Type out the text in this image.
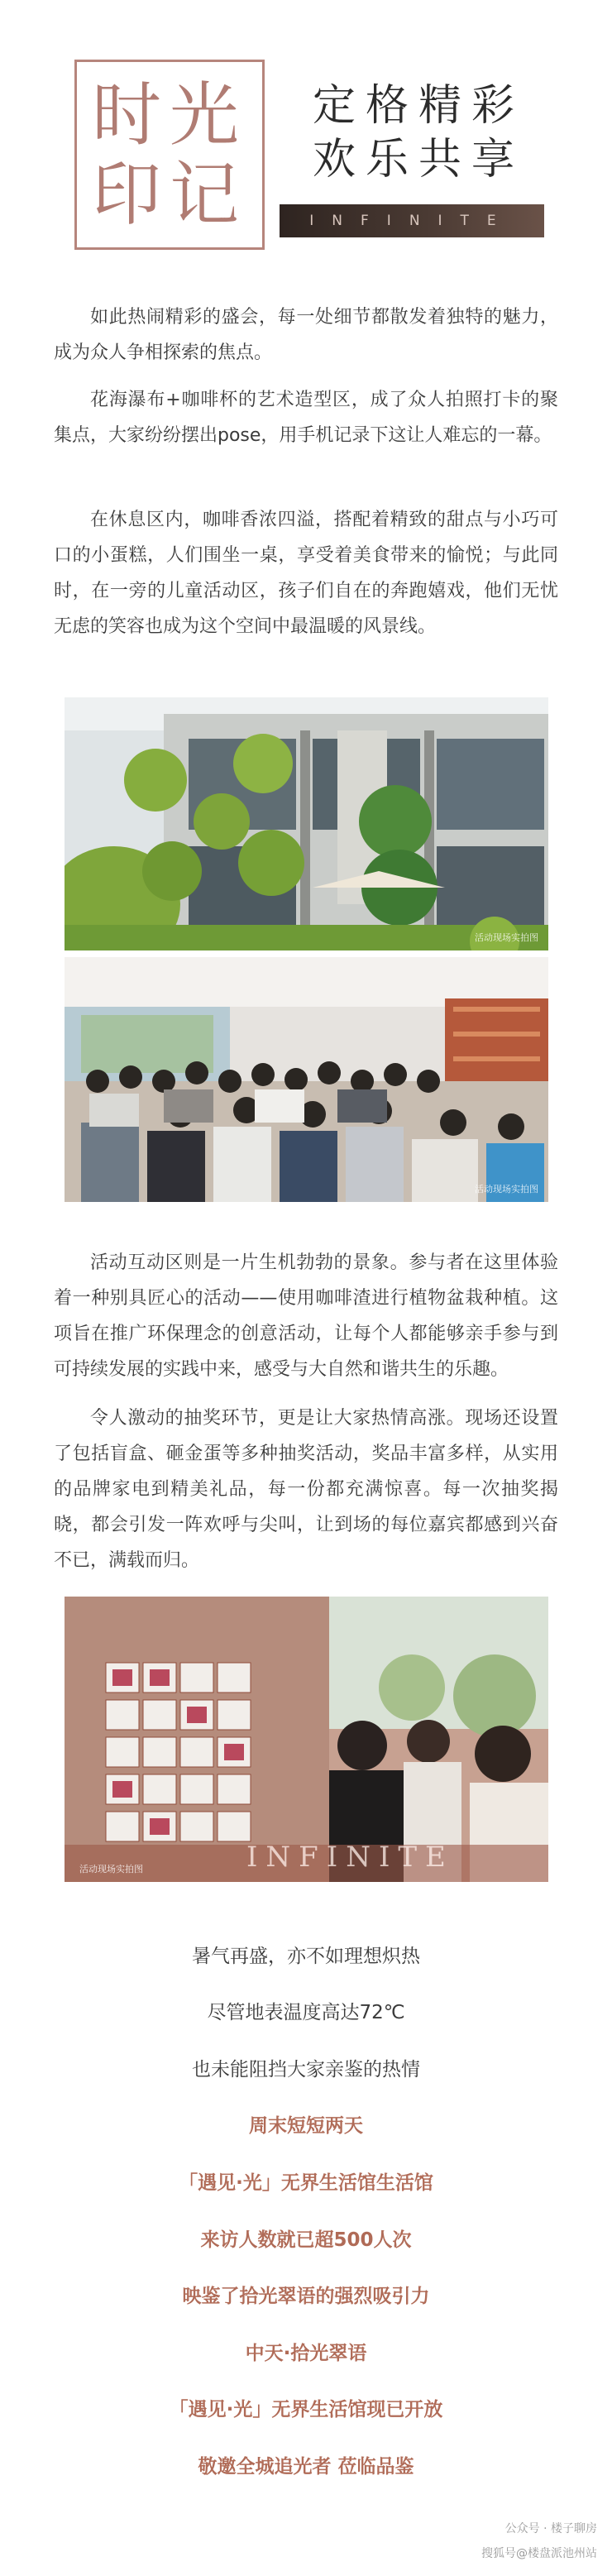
时光
印记
定格精彩
欢乐共享
INFINITE

如此热闹精彩的盛会，每一处细节都散发着独特的魅力，成为众人争相探索的焦点。

花海瀑布+咖啡杯的艺术造型区，成了众人拍照打卡的聚集点，大家纷纷摆出pose，用手机记录下这让人难忘的一幕。

在休息区内，咖啡香浓四溢，搭配着精致的甜点与小巧可口的小蛋糕，人们围坐一桌，享受着美食带来的愉悦；与此同时，在一旁的儿童活动区，孩子们自在的奔跑嬉戏，他们无忧无虑的笑容也成为这个空间中最温暖的风景线。

活动现场实拍图
活动现场实拍图

活动互动区则是一片生机勃勃的景象。参与者在这里体验着一种别具匠心的活动——使用咖啡渣进行植物盆栽种植。这项旨在推广环保理念的创意活动，让每个人都能够亲手参与到可持续发展的实践中来，感受与大自然和谐共生的乐趣。

令人激动的抽奖环节，更是让大家热情高涨。现场还设置了包括盲盒、砸金蛋等多种抽奖活动，奖品丰富多样，从实用的品牌家电到精美礼品，每一份都充满惊喜。每一次抽奖揭晓，都会引发一阵欢呼与尖叫，让到场的每位嘉宾都感到兴奋不已，满载而归。

活动现场实拍图	INFINITE
暑气再盛，亦不如理想炽热
尽管地表温度高达72℃
也未能阻挡大家亲鉴的热情
周末短短两天
「遇见·光」无界生活馆生活馆
来访人数就已超500人次
映鉴了拾光翠语的强烈吸引力
中天·拾光翠语
「遇见·光」无界生活馆现已开放
敬邀全城追光者 莅临品鉴
公众号 · 楼子聊房
搜狐号@楼盘派池州站
